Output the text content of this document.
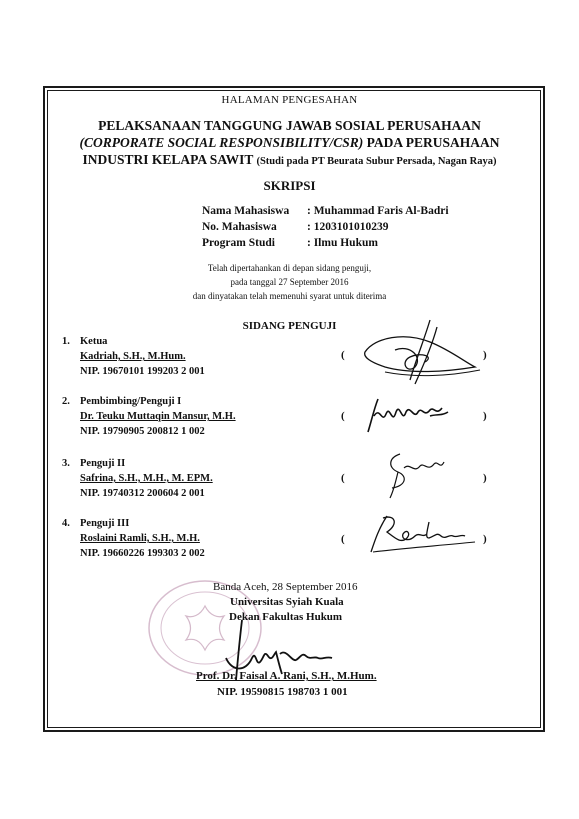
HALAMAN PENGESAHAN
PELAKSANAAN TANGGUNG JAWAB SOSIAL PERUSAHAAN
(CORPORATE SOCIAL RESPONSIBILITY/CSR) PADA PERUSAHAAN
INDUSTRI KELAPA SAWIT (Studi pada PT Beurata Subur Persada, Nagan Raya)
SKRIPSI
Nama Mahasiswa : Muhammad Faris Al-Badri
No. Mahasiswa	: 1203101010239
Program Studi	: Ilmu Hukum
Telah dipertahankan di depan sidang penguji,
pada tanggal 27 September 2016
dan dinyatakan telah memenuhi syarat untuk diterima
SIDANG PENGUJI
1. Ketua
Kadriah, S.H., M.Hum.
NIP. 19670101 199203 2 001
(	)
2. Pembimbing/Penguji I
Dr. Teuku Muttaqin Mansur, M.H.
NIP. 19790905 200812 1 002
(	)
3. Penguji II
Safrina, S.H., M.H., M. EPM.
NIP. 19740312 200604 2 001
(	)
4. Penguji III
Roslaini Ramli, S.H., M.H.
NIP. 19660226 199303 2 002
(	)
Banda Aceh, 28 September 2016
Universitas Syiah Kuala
Dekan Fakultas Hukum
Prof. Dr. Faisal A. Rani, S.H., M.Hum.
NIP. 19590815 198703 1 001
